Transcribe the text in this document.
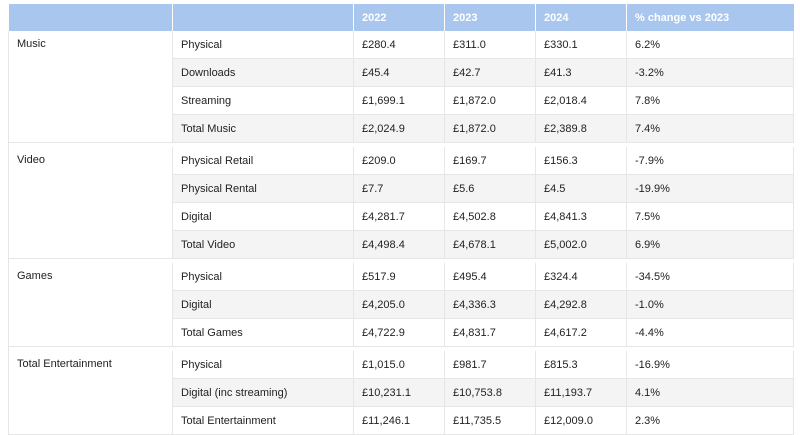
		2022	2023	2024	% change vs 2023
Music	Physical	£280.4	£311.0	£330.1	6.2%
	Downloads	£45.4	£42.7	£41.3	-3.2%
	Streaming	£1,699.1	£1,872.0	£2,018.4	7.8%
	Total Music	£2,024.9	£1,872.0	£2,389.8	7.4%

Video	Physical Retail	£209.0	£169.7	£156.3	-7.9%
	Physical Rental	£7.7	£5.6	£4.5	-19.9%
	Digital	£4,281.7	£4,502.8	£4,841.3	7.5%
	Total Video	£4,498.4	£4,678.1	£5,002.0	6.9%

Games	Physical	£517.9	£495.4	£324.4	-34.5%
	Digital	£4,205.0	£4,336.3	£4,292.8	-1.0%
	Total Games	£4,722.9	£4,831.7	£4,617.2	-4.4%

Total Entertainment	Physical	£1,015.0	£981.7	£815.3	-16.9%
	Digital (inc streaming)	£10,231.1	£10,753.8	£11,193.7	4.1%
	Total Entertainment	£11,246.1	£11,735.5	£12,009.0	2.3%
